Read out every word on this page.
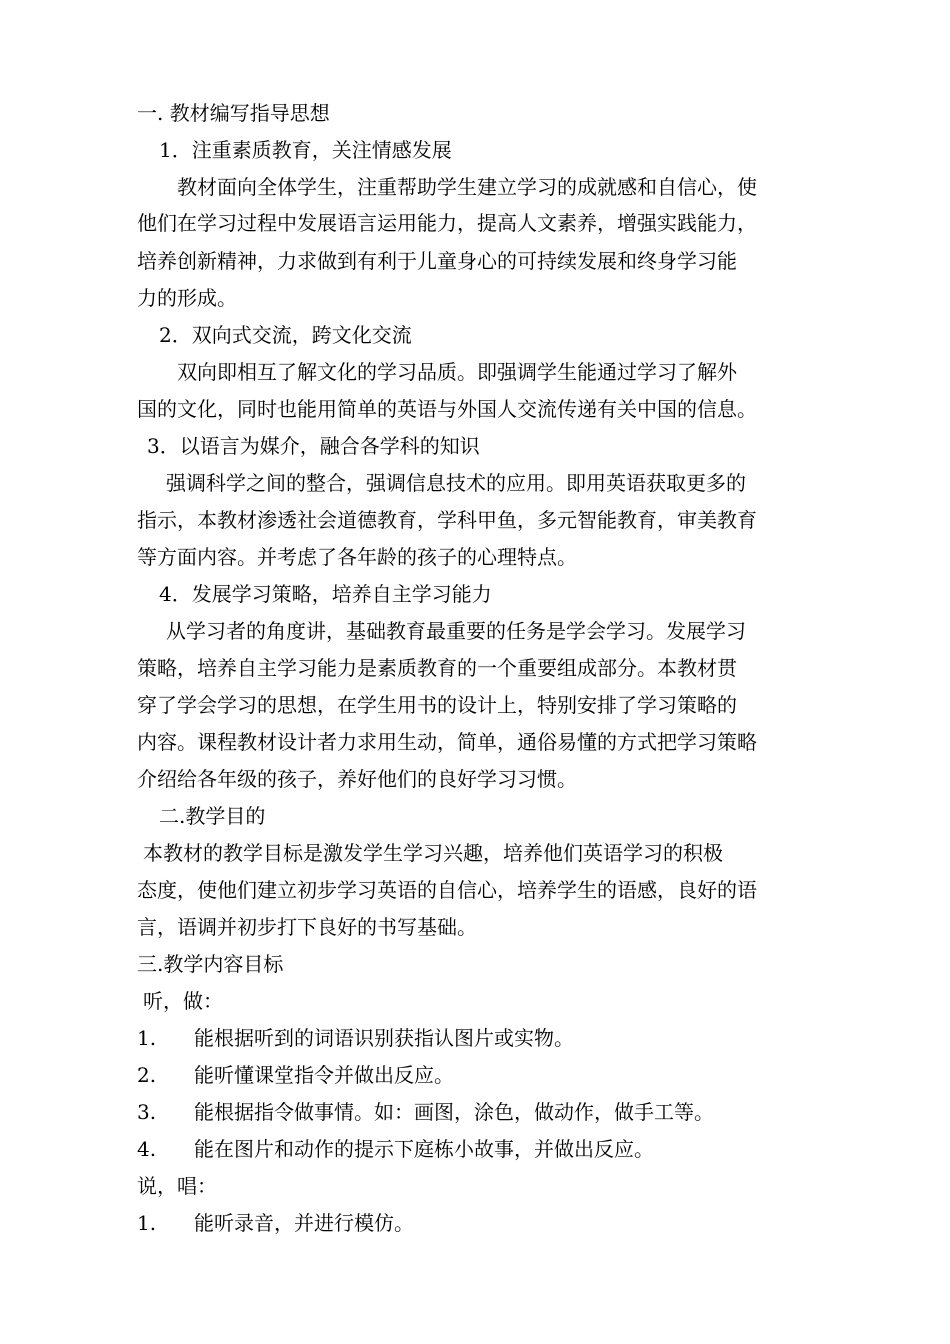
一. 教材编写指导思想
1．注重素质教育，关注情感发展
教材面向全体学生，注重帮助学生建立学习的成就感和自信心，使
他们在学习过程中发展语言运用能力，提高人文素养，增强实践能力，
培养创新精神，力求做到有利于儿童身心的可持续发展和终身学习能
力的形成。
2．双向式交流，跨文化交流
双向即相互了解文化的学习品质。即强调学生能通过学习了解外
国的文化，同时也能用简单的英语与外国人交流传递有关中国的信息。
3．以语言为媒介，融合各学科的知识
强调科学之间的整合，强调信息技术的应用。即用英语获取更多的
指示，本教材渗透社会道德教育，学科甲鱼，多元智能教育，审美教育
等方面内容。并考虑了各年龄的孩子的心理特点。
4．发展学习策略，培养自主学习能力
从学习者的角度讲，基础教育最重要的任务是学会学习。发展学习
策略，培养自主学习能力是素质教育的一个重要组成部分。本教材贯
穿了学会学习的思想，在学生用书的设计上，特别安排了学习策略的
内容。课程教材设计者力求用生动，简单，通俗易懂的方式把学习策略
介绍给各年级的孩子，养好他们的良好学习习惯。
二.教学目的
本教材的教学目标是激发学生学习兴趣，培养他们英语学习的积极
态度，使他们建立初步学习英语的自信心，培养学生的语感，良好的语
言，语调并初步打下良好的书写基础。
三.教学内容目标
听，做：
1. 能根据听到的词语识别获指认图片或实物。
2. 能听懂课堂指令并做出反应。
3. 能根据指令做事情。如：画图，涂色，做动作，做手工等。
4. 能在图片和动作的提示下庭栋小故事，并做出反应。
说，唱：
1. 能听录音，并进行模仿。
